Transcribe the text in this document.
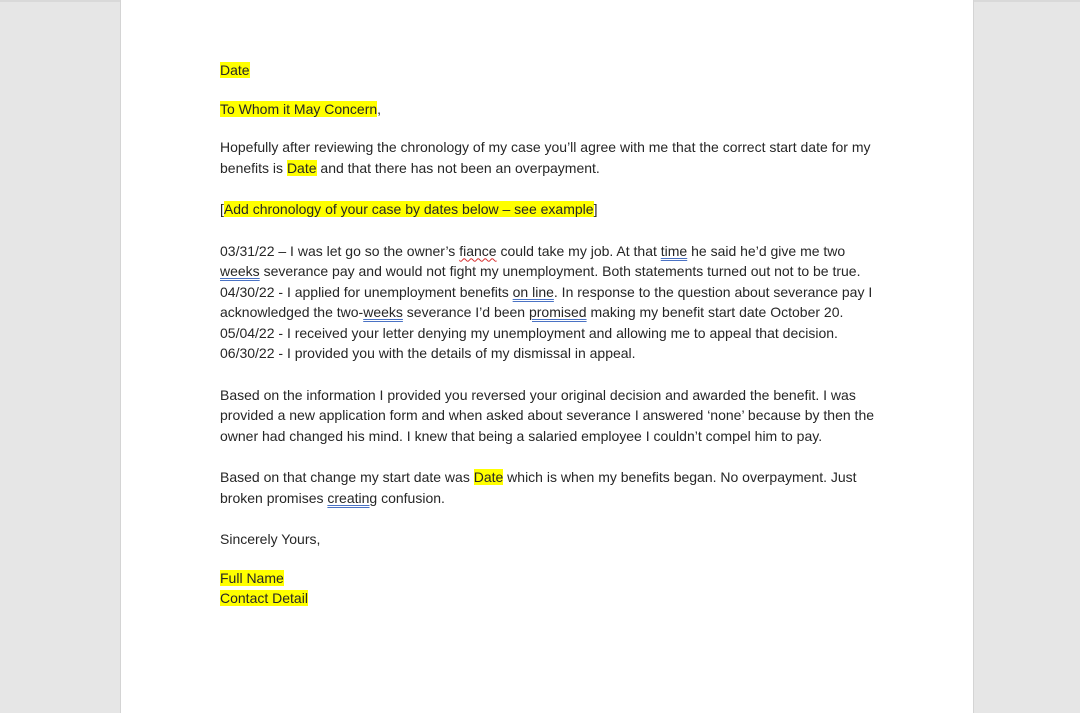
Date

To Whom it May Concern,

Hopefully after reviewing the chronology of my case you’ll agree with me that the correct start date for my benefits is Date and that there has not been an overpayment.

[Add chronology of your case by dates below – see example]

03/31/22 – I was let go so the owner’s fiance could take my job. At that time he said he’d give me two
weeks severance pay and would not fight my unemployment. Both statements turned out not to be true.

04/30/22 - I applied for unemployment benefits on line. In response to the question about severance pay I acknowledged the two-weeks severance I’d been promised making my benefit start date October 20.

05/04/22 - I received your letter denying my unemployment and allowing me to appeal that decision.

06/30/22 - I provided you with the details of my dismissal in appeal.

Based on the information I provided you reversed your original decision and awarded the benefit. I was provided a new application form and when asked about severance I answered ‘none’ because by then the owner had changed his mind. I knew that being a salaried employee I couldn’t compel him to pay.

Based on that change my start date was Date which is when my benefits began. No overpayment. Just broken promises creating confusion.

Sincerely Yours,

Full Name
Contact Detail
